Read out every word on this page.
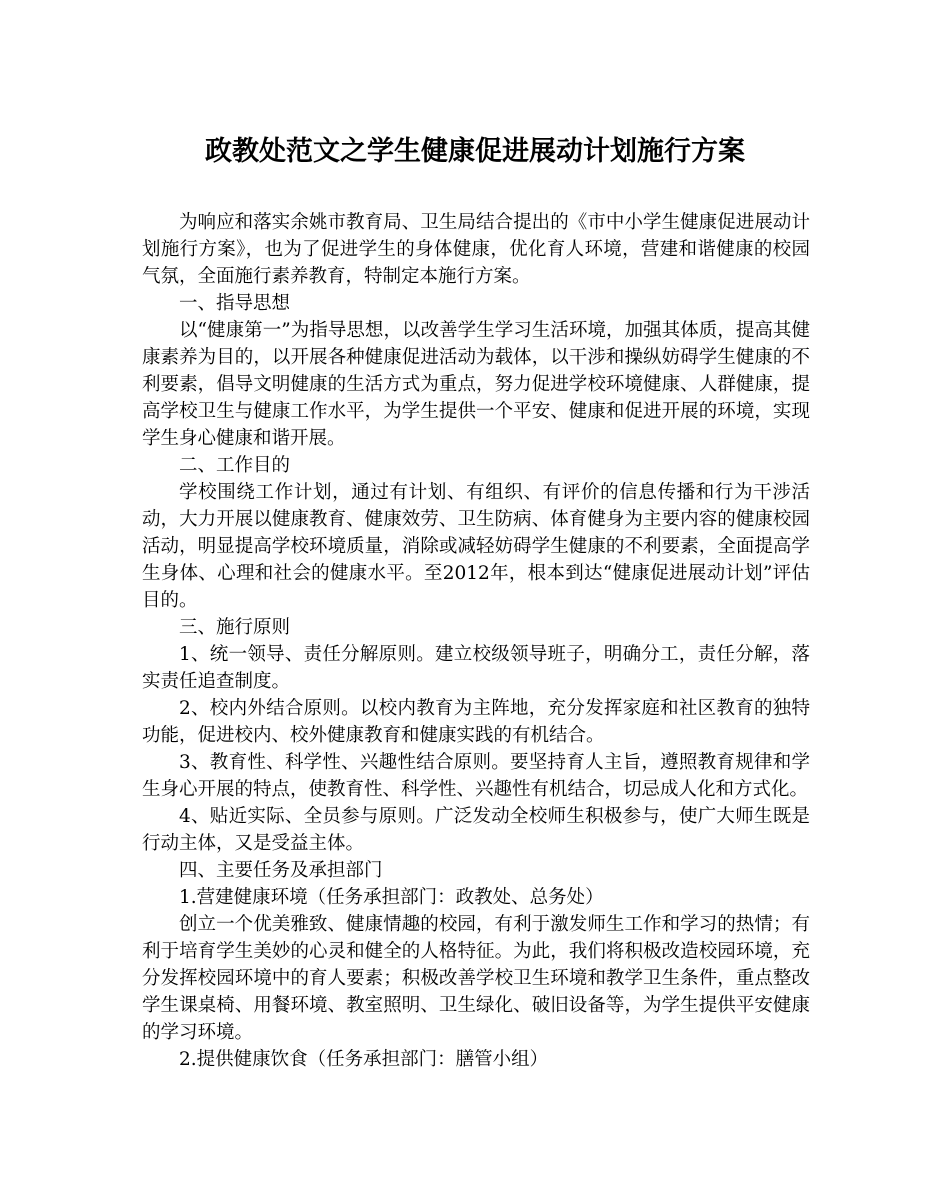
政教处范文之学生健康促进展动计划施行方案

为响应和落实余姚市教育局、卫生局结合提出的《市中小学生健康促进展动计划施行方案》，也为了促进学生的身体健康，优化育人环境，营建和谐健康的校园气氛，全面施行素养教育，特制定本施行方案。

一、指导思想

以“健康第一”为指导思想，以改善学生学习生活环境，加强其体质，提高其健康素养为目的，以开展各种健康促进活动为载体，以干涉和操纵妨碍学生健康的不利要素，倡导文明健康的生活方式为重点，努力促进学校环境健康、人群健康，提高学校卫生与健康工作水平，为学生提供一个平安、健康和促进开展的环境，实现学生身心健康和谐开展。

二、工作目的

学校围绕工作计划，通过有计划、有组织、有评价的信息传播和行为干涉活动，大力开展以健康教育、健康效劳、卫生防病、体育健身为主要内容的健康校园活动，明显提高学校环境质量，消除或减轻妨碍学生健康的不利要素，全面提高学生身体、心理和社会的健康水平。至2012年，根本到达“健康促进展动计划”评估目的。

三、施行原则

1、统一领导、责任分解原则。建立校级领导班子，明确分工，责任分解，落实责任追查制度。

2、校内外结合原则。以校内教育为主阵地，充分发挥家庭和社区教育的独特功能，促进校内、校外健康教育和健康实践的有机结合。

3、教育性、科学性、兴趣性结合原则。要坚持育人主旨，遵照教育规律和学生身心开展的特点，使教育性、科学性、兴趣性有机结合，切忌成人化和方式化。

4、贴近实际、全员参与原则。广泛发动全校师生积极参与，使广大师生既是行动主体，又是受益主体。

四、主要任务及承担部门

1.营建健康环境（任务承担部门：政教处、总务处）

创立一个优美雅致、健康情趣的校园，有利于激发师生工作和学习的热情；有利于培育学生美妙的心灵和健全的人格特征。为此，我们将积极改造校园环境，充分发挥校园环境中的育人要素；积极改善学校卫生环境和教学卫生条件，重点整改学生课桌椅、用餐环境、教室照明、卫生绿化、破旧设备等，为学生提供平安健康的学习环境。

2.提供健康饮食（任务承担部门：膳管小组）
